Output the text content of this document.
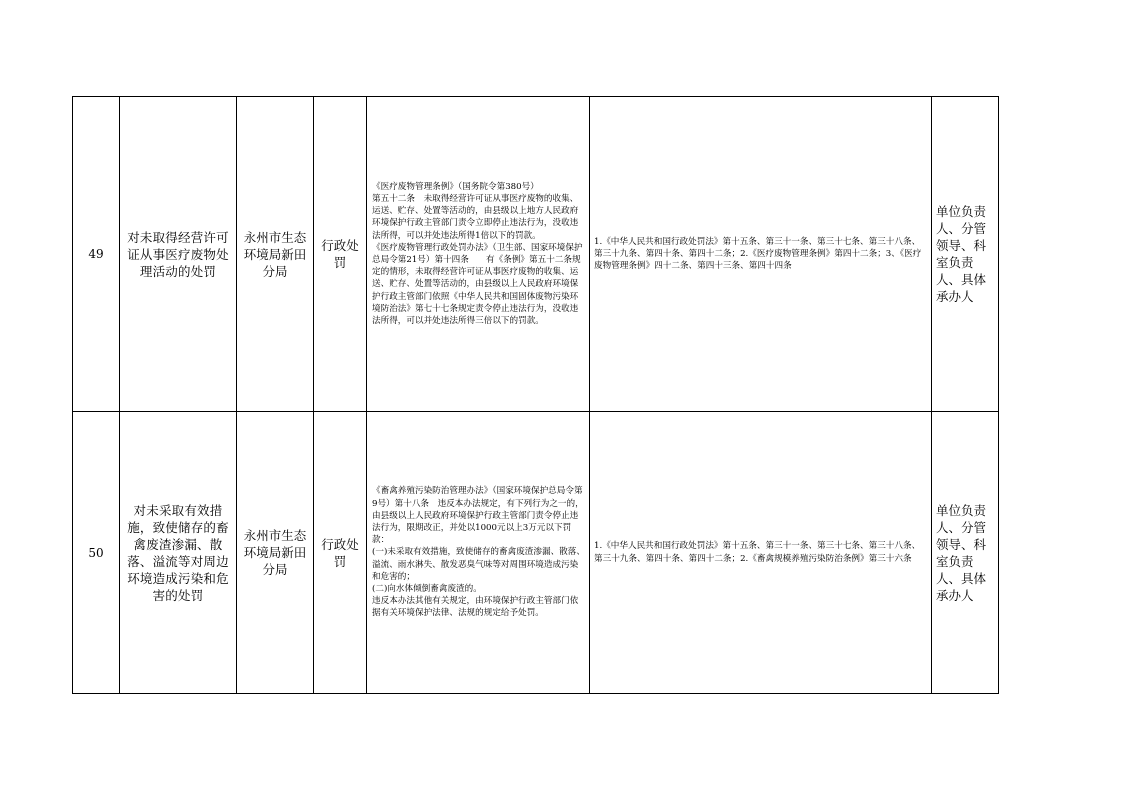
49	对未取得经营许可证从事医疗废物处理活动的处罚	永州市生态环境局新田分局	行政处罚	《医疗废物管理条例》（国务院令第380号）
第五十二条　未取得经营许可证从事医疗废物的收集、运送、贮存、处置等活动的，由县级以上地方人民政府环境保护行政主管部门责令立即停止违法行为，没收违法所得，可以并处违法所得1倍以下的罚款。
《医疗废物管理行政处罚办法》（卫生部、国家环境保护总局令第21号）第十四条　　有《条例》第五十二条规定的情形，未取得经营许可证从事医疗废物的收集、运送、贮存、处置等活动的，由县级以上人民政府环境保护行政主管部门依照《中华人民共和国固体废物污染环境防治法》第七十七条规定责令停止违法行为，没收违法所得，可以并处违法所得三倍以下的罚款。	1.《中华人民共和国行政处罚法》第十五条、第三十一条、第三十七条、第三十八条、第三十九条、第四十条、第四十二条；2.《医疗废物管理条例》第四十二条；3、《医疗废物管理条例》四十二条、第四十三条、第四十四条	单位负责人、分管领导、科室负责人、具体承办人
50	对未采取有效措施，致使储存的畜禽废渣渗漏、散落、溢流等对周边环境造成污染和危害的处罚	永州市生态环境局新田分局	行政处罚	《畜禽养殖污染防治管理办法》（国家环境保护总局令第9号）第十八条　违反本办法规定，有下列行为之一的，由县级以上人民政府环境保护行政主管部门责令停止违法行为，限期改正，并处以1000元以上3万元以下罚款：
(一)未采取有效措施，致使储存的畜禽废渣渗漏、散落、溢流、雨水淋失、散发恶臭气味等对周围环境造成污染和危害的；
(二)向水体倾倒畜禽废渣的。
违反本办法其他有关规定，由环境保护行政主管部门依据有关环境保护法律、法规的规定给予处罚。	1.《中华人民共和国行政处罚法》第十五条、第三十一条、第三十七条、第三十八条、第三十九条、第四十条、第四十二条；2.《畜禽规模养殖污染防治条例》第三十六条	单位负责人、分管领导、科室负责人、具体承办人
